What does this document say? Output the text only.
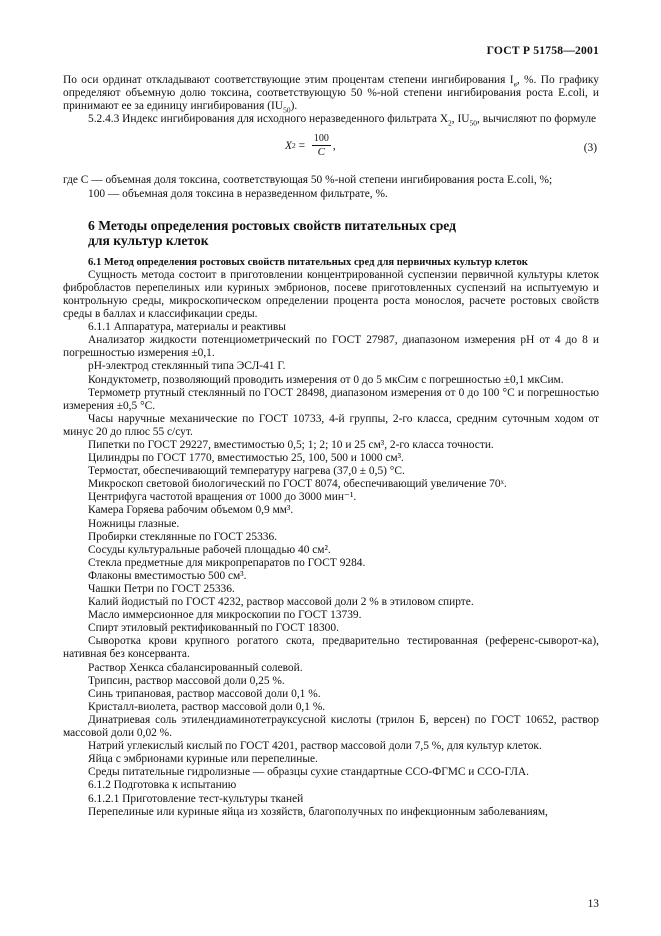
ГОСТ Р 51758—2001

По оси ординат откладывают соответствующие этим процентам степени ингибирования $I_в$, %. По графику определяют объемную долю токсина, соответствующую 50 %-ной степени ингибирования роста E.coli, и принимают ее за единицу ингибирования $(IU_{50})$.

5.2.4.3 Индекс ингибирования для исходного неразведенного фильтрата $X_2$, $IU_{50}$, вычисляют по формуле

X $2 = \frac{100}{C}$ ,	(3)

где C — объемная доля токсина, соответствующая 50 %-ной степени ингибирования роста E.coli, %;

100 — объемная доля токсина в неразведенном фильтрате, %.

6 Методы определения ростовых свойств питательных сред
для культур клеток

6.1 Метод определения ростовых свойств питательных сред для первичных культур клеток

Сущность метода состоит в приготовлении концентрированной суспензии первичной культуры клеток фибробластов перепелиных или куриных эмбрионов, посеве приготовленных суспензий на испытуемую и контрольную среды, микроскопическом определении процента роста монослоя, расчете ростовых свойств среды в баллах и классификации среды.

6.1.1 Аппаратура, материалы и реактивы

Анализатор жидкости потенциометрический по ГОСТ 27987, диапазоном измерения рН от 4 до 8 и погрешностью измерения ±0,1.

рН-электрод стеклянный типа ЭСЛ-41 Г.

Кондуктометр, позволяющий проводить измерения от 0 до 5 мкСим с погрешностью ±0,1 мкСим.

Термометр ртутный стеклянный по ГОСТ 28498, диапазоном измерения от 0 до 100 °С и погрешностью измерения ±0,5 °С.

Часы наручные механические по ГОСТ 10733, 4-й группы, 2-го класса, средним суточным ходом от минус 20 до плюс 55 с/сут.

Пипетки по ГОСТ 29227, вместимостью 0,5; 1; 2; 10 и 25 см³, 2-го класса точности.

Цилиндры по ГОСТ 1770, вместимостью 25, 100, 500 и 1000 см³.

Термостат, обеспечивающий температуру нагрева (37,0 ± 0,5) °С.

Микроскоп световой биологический по ГОСТ 8074, обеспечивающий увеличение 70ˣ.

Центрифуга частотой вращения от 1000 до 3000 мин⁻¹.

Камера Горяева рабочим объемом 0,9 мм³.

Ножницы глазные.

Пробирки стеклянные по ГОСТ 25336.

Сосуды культуральные рабочей площадью 40 см².

Стекла предметные для микропрепаратов по ГОСТ 9284.

Флаконы вместимостью 500 см³.

Чашки Петри по ГОСТ 25336.

Калий йодистый по ГОСТ 4232, раствор массовой доли 2 % в этиловом спирте.

Масло иммерсионное для микроскопии по ГОСТ 13739.

Спирт этиловый ректификованный по ГОСТ 18300.

Сыворотка крови крупного рогатого скота, предварительно тестированная (референс-сыворот-ка), нативная без консерванта.

Раствор Хенкса сбалансированный солевой.

Трипсин, раствор массовой доли 0,25 %.

Синь трипановая, раствор массовой доли 0,1 %.

Кристалл-виолета, раствор массовой доли 0,1 %.

Динатриевая соль этилендиаминотетрауксусной кислоты (трилон Б, версен) по ГОСТ 10652, раствор массовой доли 0,02 %.

Натрий углекислый кислый по ГОСТ 4201, раствор массовой доли 7,5 %, для культур клеток.

Яйца с эмбрионами куриные или перепелиные.

Среды питательные гидролизные — образцы сухие стандартные ССО-ФГМС и ССО-ГЛА.

6.1.2 Подготовка к испытанию

6.1.2.1 Приготовление тест-культуры тканей

Перепелиные или куриные яйца из хозяйств, благополучных по инфекционным заболеваниям,

13
